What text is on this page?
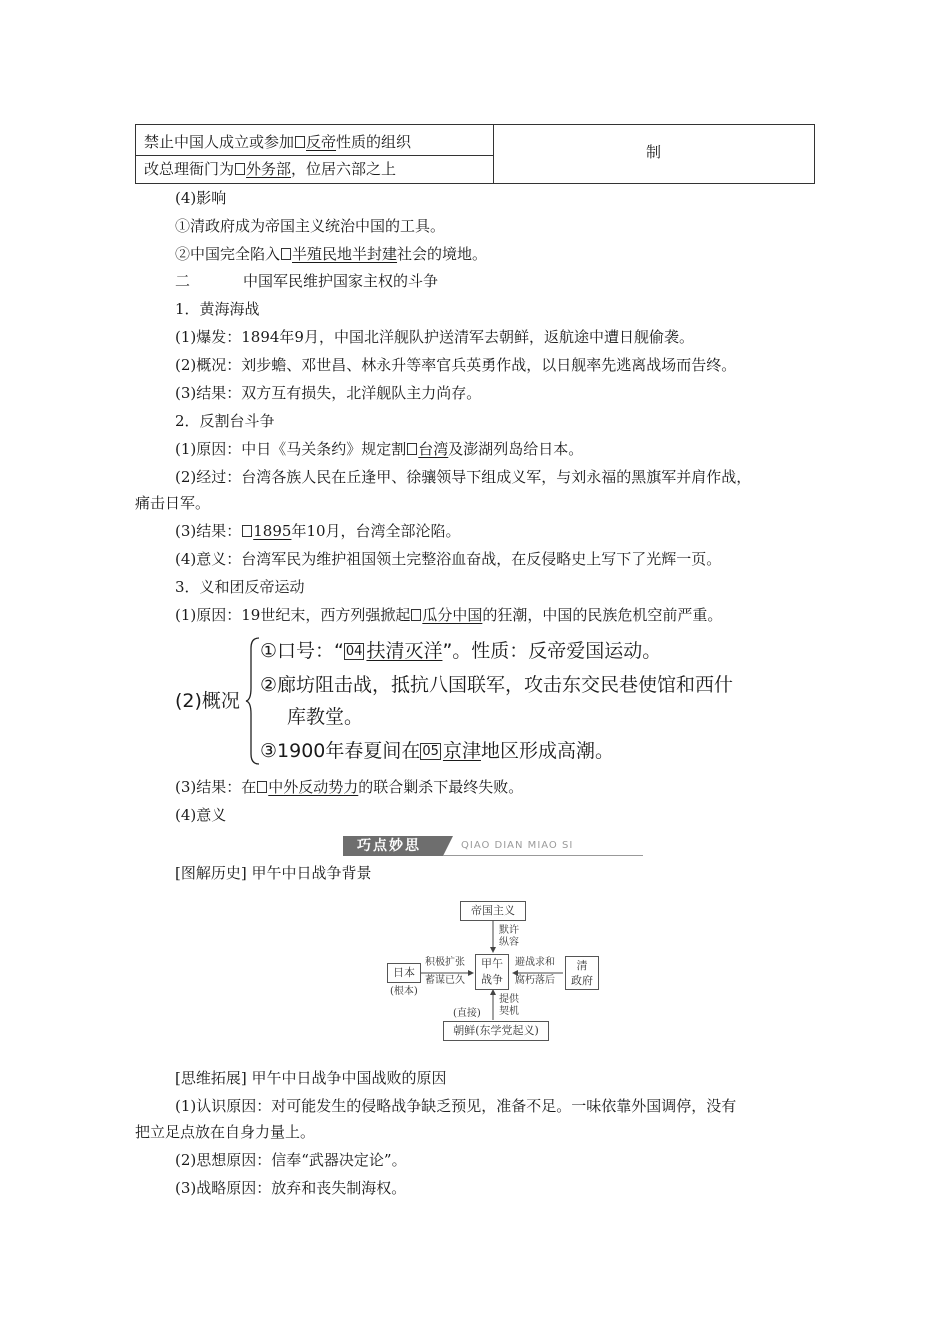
禁止中国人成立或参加 反帝性质的组织
改总理衙门为 外务部，位居六部之上
制
(4)影响
①清政府成为帝国主义统治中国的工具。
②中国完全陷入 半殖民地半封建社会的境地。
二	中国军民维护国家主权的斗争
1．黄海海战
(1)爆发：1894年9月，中国北洋舰队护送清军去朝鲜，返航途中遭日舰偷袭。
(2)概况：刘步蟾、邓世昌、林永升等率官兵英勇作战，以日舰率先逃离战场而告终。
(3)结果：双方互有损失，北洋舰队主力尚存。
2．反割台斗争
(1)原因：中日《马关条约》规定割 台湾及澎湖列岛给日本。
(2)经过：台湾各族人民在丘逢甲、徐骧领导下组成义军，与刘永福的黑旗军并肩作战，
痛击日军。
(3)结果： 1895年10月，台湾全部沦陷。
(4)意义：台湾军民为维护祖国领土完整浴血奋战，在反侵略史上写下了光辉一页。
3．义和团反帝运动
(1)原因：19世纪末，西方列强掀起 瓜分中国的狂潮，中国的民族危机空前严重。
(2)概况
①口号：“ 04 扶清灭洋”。性质：反帝爱国运动。
②廊坊阻击战，抵抗八国联军，攻击东交民巷使馆和西什
库教堂。
③1900年春夏间在 05 京津地区形成高潮。
(3)结果：在 中外反动势力的联合剿杀下最终失败。
(4)意义
巧点妙思	QIAO DIAN MIAO SI
[图解历史] 甲午中日战争背景
帝国主义
默许
纵容
甲午
战争
日本
(根本)
积极扩张
蓄谋已久
清
政府
避战求和
腐朽落后
提供
契机
(直接)
朝鲜(东学党起义)
[思维拓展] 甲午中日战争中国战败的原因
(1)认识原因：对可能发生的侵略战争缺乏预见，准备不足。一味依靠外国调停，没有
把立足点放在自身力量上。
(2)思想原因：信奉“武器决定论”。
(3)战略原因：放弃和丧失制海权。
